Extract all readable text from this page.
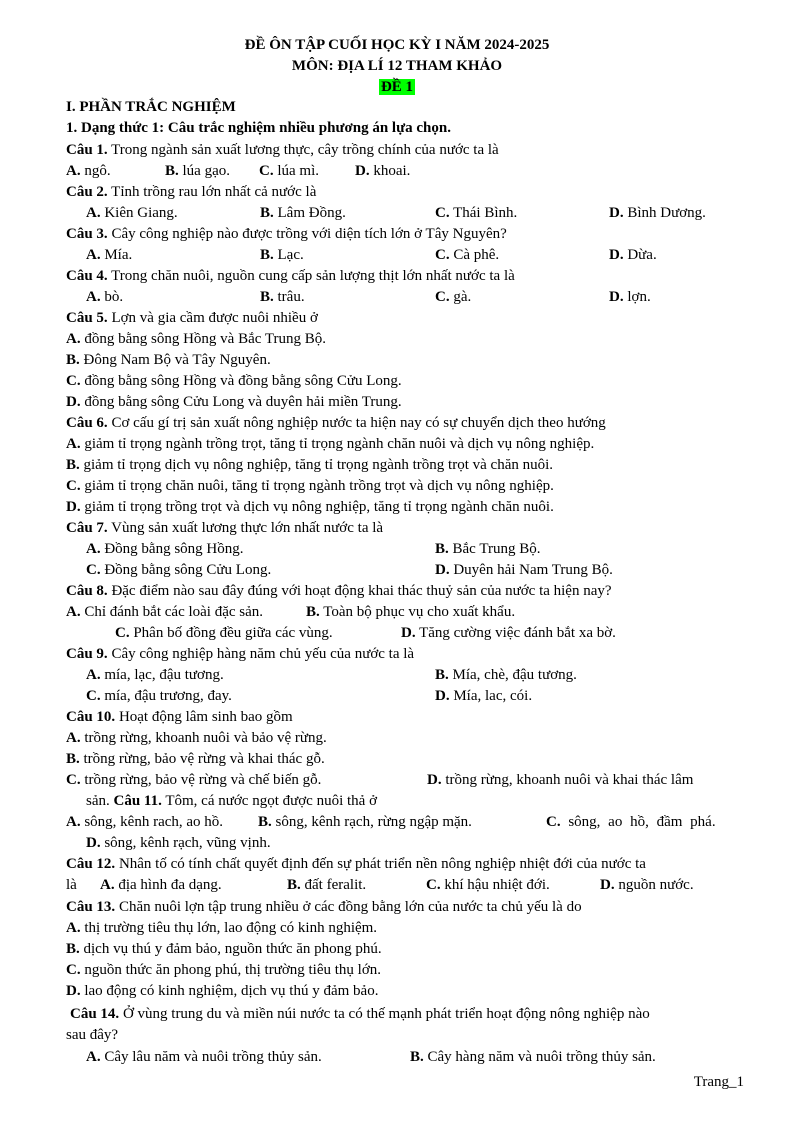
ĐỀ ÔN TẬP CUỐI HỌC KỲ I NĂM 2024-2025
MÔN: ĐỊA LÍ 12 THAM KHẢO
ĐỀ 1
I. PHẦN TRẮC NGHIỆM
1. Dạng thức 1: Câu trắc nghiệm nhiều phương án lựa chọn.
Câu 1. Trong ngành sản xuất lương thực, cây trồng chính của nước ta là
A. ngô.	B. lúa gạo. C. lúa mì. D. khoai.
Câu 2. Tỉnh trồng rau lớn nhất cả nước là
A. Kiên Giang.	B. Lâm Đồng.	C. Thái Bình.	D. Bình Dương.
Câu 3. Cây công nghiệp nào được trồng với diện tích lớn ở Tây Nguyên?
A. Mía.	B. Lạc.	C. Cà phê.	D. Dừa.
Câu 4. Trong chăn nuôi, nguồn cung cấp sản lượng thịt lớn nhất nước ta là
A. bò.	B. trâu.	C. gà.	D. lợn.
Câu 5. Lợn và gia cầm được nuôi nhiều ở
A. đồng bằng sông Hồng và Bắc Trung Bộ.
B. Đông Nam Bộ và Tây Nguyên.
C. đồng bằng sông Hồng và đồng bằng sông Cửu Long.
D. đồng bằng sông Cửu Long và duyên hải miền Trung.
Câu 6. Cơ cấu gí trị sản xuất nông nghiệp nước ta hiện nay có sự chuyển dịch theo hướng
A. giảm tỉ trọng ngành trồng trọt, tăng tỉ trọng ngành chăn nuôi và dịch vụ nông nghiệp.
B. giảm tỉ trọng dịch vụ nông nghiệp, tăng tỉ trọng ngành trồng trọt và chăn nuôi.
C. giảm tỉ trọng chăn nuôi, tăng tỉ trọng ngành trồng trọt và dịch vụ nông nghiệp.
D. giảm tỉ trọng trồng trọt và dịch vụ nông nghiệp, tăng tỉ trọng ngành chăn nuôi.
Câu 7. Vùng sản xuất lương thực lớn nhất nước ta là
A. Đồng bằng sông Hồng.	B. Bắc Trung Bộ.
C. Đồng bằng sông Cửu Long.	D. Duyên hải Nam Trung Bộ.
Câu 8. Đặc điểm nào sau đây đúng với hoạt động khai thác thuỷ sản của nước ta hiện nay?
A. Chỉ đánh bắt các loài đặc sản.	B. Toàn bộ phục vụ cho xuất khẩu.
C. Phân bố đồng đều giữa các vùng.	D. Tăng cường việc đánh bắt xa bờ.
Câu 9. Cây công nghiệp hàng năm chủ yếu của nước ta là
A. mía, lạc, đậu tương.	B. Mía, chè, đậu tương.
C. mía, đậu trương, đay.	D. Mía, lac, cói.
Câu 10. Hoạt động lâm sinh bao gồm
A. trồng rừng, khoanh nuôi và bảo vệ rừng.
B. trồng rừng, bảo vệ rừng và khai thác gỗ.
C. trồng rừng, bảo vệ rừng và chế biến gỗ.	D. trồng rừng, khoanh nuôi và khai thác lâm
sản. Câu 11. Tôm, cá nước ngọt được nuôi thả ở
A. sông, kênh rach, ao hồ. B. sông, kênh rạch, rừng ngập mặn.	C. sông, ao hồ, đầm phá.
D. sông, kênh rạch, vũng vịnh.
Câu 12. Nhân tố có tính chất quyết định đến sự phát triển nền nông nghiệp nhiệt đới của nước ta
là A. địa hình đa dạng.	B. đất feralit.	C. khí hậu nhiệt đới.	D. nguồn nước.
Câu 13. Chăn nuôi lợn tập trung nhiều ở các đồng bằng lớn của nước ta chủ yếu là do
A. thị trường tiêu thụ lớn, lao động có kinh nghiệm.
B. dịch vụ thú y đảm bảo, nguồn thức ăn phong phú.
C. nguồn thức ăn phong phú, thị trường tiêu thụ lớn.
D. lao động có kinh nghiệm, dịch vụ thú y đảm bảo.
Câu 14. Ở vùng trung du và miền núi nước ta có thế mạnh phát triển hoạt động nông nghiệp nào
sau đây?
A. Cây lâu năm và nuôi trồng thủy sản.	B. Cây hàng năm và nuôi trồng thủy sản.
Trang_1
